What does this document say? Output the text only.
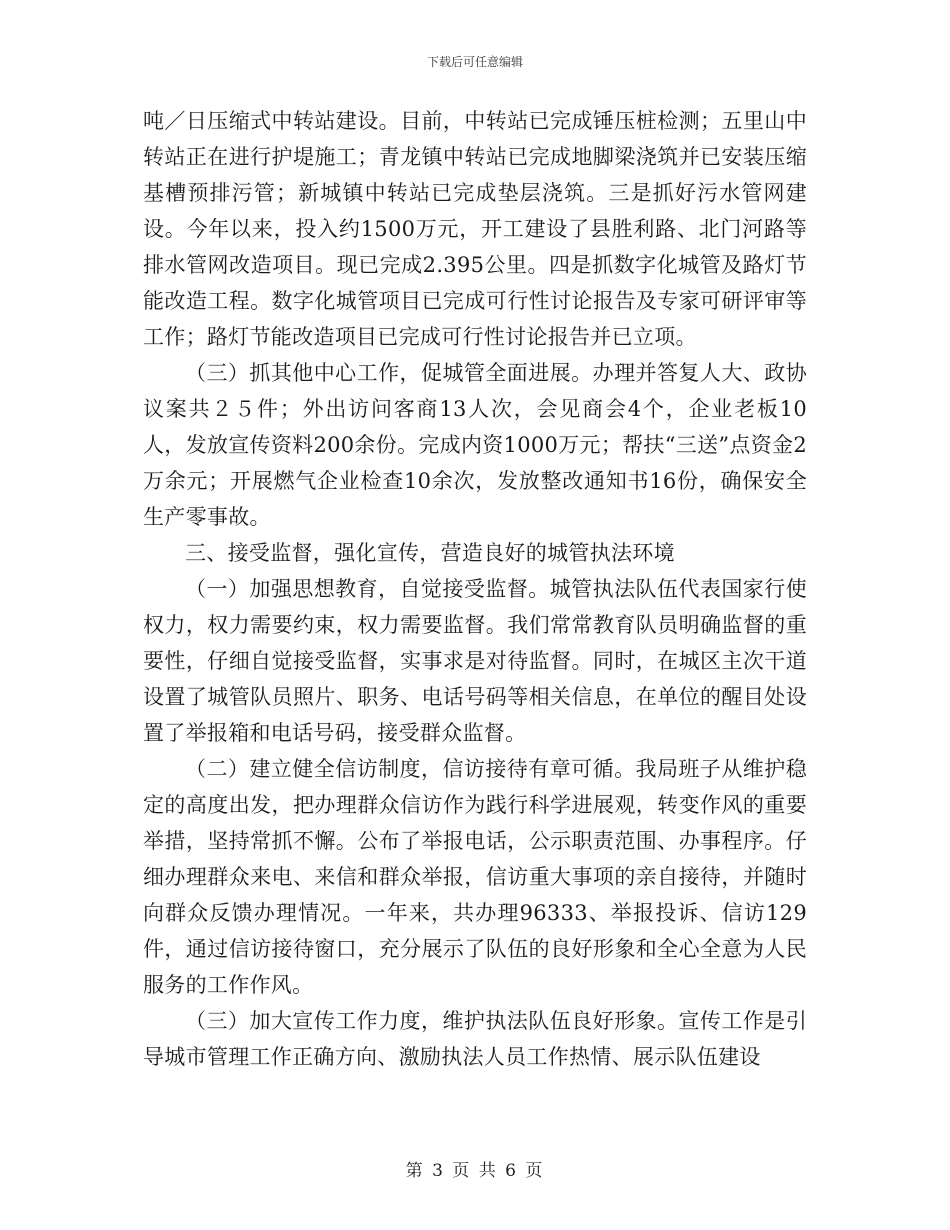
下载后可任意编辑

吨／日压缩式中转站建设。目前，中转站已完成锤压桩检测；五里山中转站正在进行护堤施工；青龙镇中转站已完成地脚梁浇筑并已安装压缩基槽预排污管；新城镇中转站已完成垫层浇筑。三是抓好污水管网建设。今年以来，投入约1500万元，开工建设了县胜利路、北门河路等排水管网改造项目。现已完成2.395公里。四是抓数字化城管及路灯节能改造工程。数字化城管项目已完成可行性讨论报告及专家可研评审等工作；路灯节能改造项目已完成可行性讨论报告并已立项。

（三）抓其他中心工作，促城管全面进展。办理并答复人大、政协议案共２５件；外出访问客商13人次，会见商会4个，企业老板10人，发放宣传资料200余份。完成内资1000万元；帮扶“三送”点资金2万余元；开展燃气企业检查10余次，发放整改通知书16份，确保安全生产零事故。

三、接受监督，强化宣传，营造良好的城管执法环境

（一）加强思想教育，自觉接受监督。城管执法队伍代表国家行使权力，权力需要约束，权力需要监督。我们常常教育队员明确监督的重要性，仔细自觉接受监督，实事求是对待监督。同时，在城区主次干道设置了城管队员照片、职务、电话号码等相关信息，在单位的醒目处设置了举报箱和电话号码，接受群众监督。

（二）建立健全信访制度，信访接待有章可循。我局班子从维护稳定的高度出发，把办理群众信访作为践行科学进展观，转变作风的重要举措，坚持常抓不懈。公布了举报电话，公示职责范围、办事程序。仔细办理群众来电、来信和群众举报，信访重大事项的亲自接待，并随时向群众反馈办理情况。一年来，共办理96333、举报投诉、信访129件，通过信访接待窗口，充分展示了队伍的良好形象和全心全意为人民服务的工作作风。

（三）加大宣传工作力度，维护执法队伍良好形象。宣传工作是引导城市管理工作正确方向、激励执法人员工作热情、展示队伍建设

第 3 页 共 6 页
